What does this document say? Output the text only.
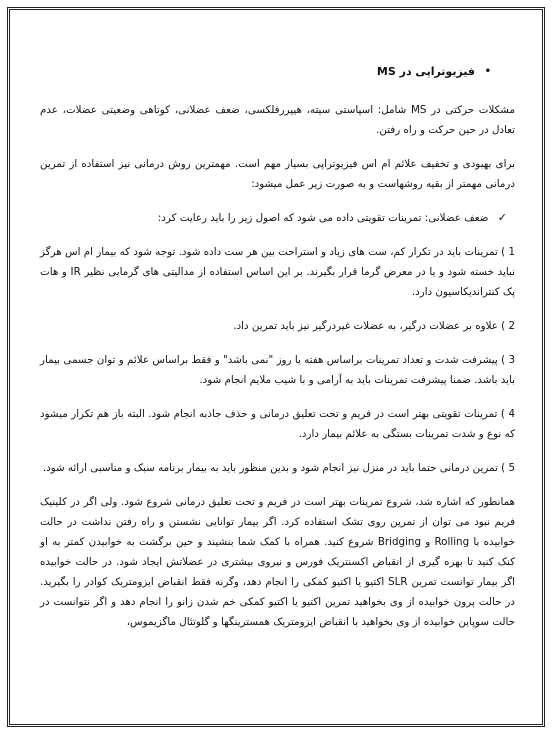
•
فیزیوتراپی در MS

مشکلات حرکتی در MS شامل: اسپاستی سیته، هیپررفلکسی، ضعف عضلانی، کوتاهی وضعیتی عضلات، عدم تعادل در حین حرکت و راه رفتن.

برای بهبودی و تخفیف علائم ام اس فیزیوتراپی بسیار مهم است. مهمترین روش درمانی نیز استفاده از تمرین درمانی مهمتر از بقیه روشهاست و به صورت زیر عمل میشود:

✓ ضعف عضلانی: تمرینات تقویتی داده می شود که اصول زیر را باید رعایت کرد:

1 ) تمرینات باید در تکرار کم، ست های زیاد و استراحت بین هر ست داده شود. توجه شود که بیمار ام اس هرگز نباید خسته شود و یا در معرض گرما قرار بگیرند. بر این اساس استفاده از مدالیتی های گرمایی نظیر IR و هات پک کنتراندیکاسیون دارد.

2 ) علاوه بر عضلات درگیر، به عضلات غیردرگیر نیز باید تمرین داد.

3 ) پیشرفت شدت و تعداد تمرینات براساس هفته یا روز "نمی باشد" و فقط براساس علائم و توان جسمی بیمار باید باشد. ضمنا پیشرفت تمرینات باید به آرامی و با شیب ملایم انجام شود.

4 ) تمرینات تقویتی بهتر است در فریم و تحت تعلیق درمانی و حذف جاذبه انجام شود. البته باز هم تکرار میشود که نوع و شدت تمرینات بستگی به علائم بیمار دارد.

5 ) تمرین درمانی حتما باید در منزل نیز انجام شود و بدین منظور باید به بیمار برنامه سبک و مناسبی ارائه شود.

همانطور که اشاره شد، شروع تمرینات بهتر است در فریم و تحت تعلیق درمانی شروع شود. ولی اگر در کلینیک فریم نبود می توان از تمرین روی تشک استفاده کرد. اگر بیمار توانایی نشستن و راه رفتن نداشت در حالت خوابیده با Rolling و Bridging شروع کنید. همراه با کمک شما بنشیند و حین برگشت به خوابیدن کمتر به او کنک کنید تا بهره گیری از انقباض اکسنتریک فورس و نیروی بیشتری در عضلاتش ایجاد شود. در حالت خوابیده اگر بیمار توانست تمرین SLR اکتیو یا اکتیو کمکی را انجام دهد، وگرنه فقط انقباض ایزومتریک کوادر را بگیرید. در حالت پرون خوابیده از وی بخواهید تمرین اکتیو یا اکتیو کمکی خم شدن زانو را انجام دهد و اگر نتوانست در حالت سوپاین خوابیده از وی بخواهید با انقباض ایزومتریک همسترینگها و گلوتئال ماگزیموس،
